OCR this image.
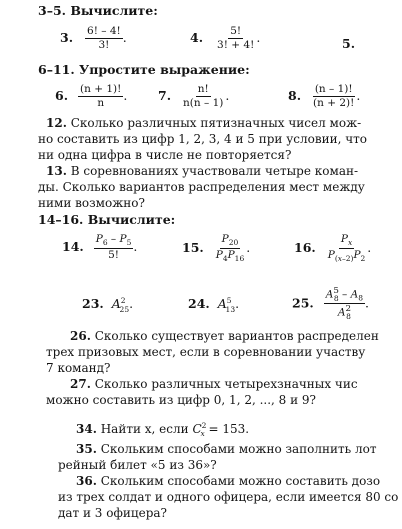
3–5. Вычислите:
3. $\frac{6! - 4!}{3!}$ .	4. $\frac{5!}{3! + 4!}$ .	5.
6–11. Упростите выражение:
6. $\frac{(n + 1)!}{n}$ . 7. $\frac{n!}{n(n - 1)}$ .	8. $\frac{(n - 1)!}{(n + 2)!}$ .
12. Сколько различных пятизначных чисел мож-
но составить из цифр 1, 2, 3, 4 и 5 при условии, что
ни одна цифра в числе не повторяется?
13. В соревнованиях участвовали четыре коман-
ды. Сколько вариантов распределения мест между
ними возможно?
14–16. Вычислите:
14. $\frac{P_6 - P_5}{5!}$ .	15. $\frac{P_{20}}{P_4P_{16}}$ .	16. $\frac{P_x}{P_{(x-2)}P_2}$ .
23. $A^2_{25}$.	24. $A^5_{13}$.	25. $\frac{A^5_8 - A_8}{A^2_8}$ .
26. Сколько существует вариантов распределен
трех призовых мест, если в соревновании участву
7 команд?
27. Сколько различных четырехзначных чис
можно составить из цифр 0, 1, 2, ..., 8 и 9?
34. Найти x, если $C^2_x = 153$.
35. Скольким способами можно заполнить лот
рейный билет «5 из 36»?
36. Скольким способами можно составить дозо
из трех солдат и одного офицера, если имеется 80 со
дат и 3 офицера?
